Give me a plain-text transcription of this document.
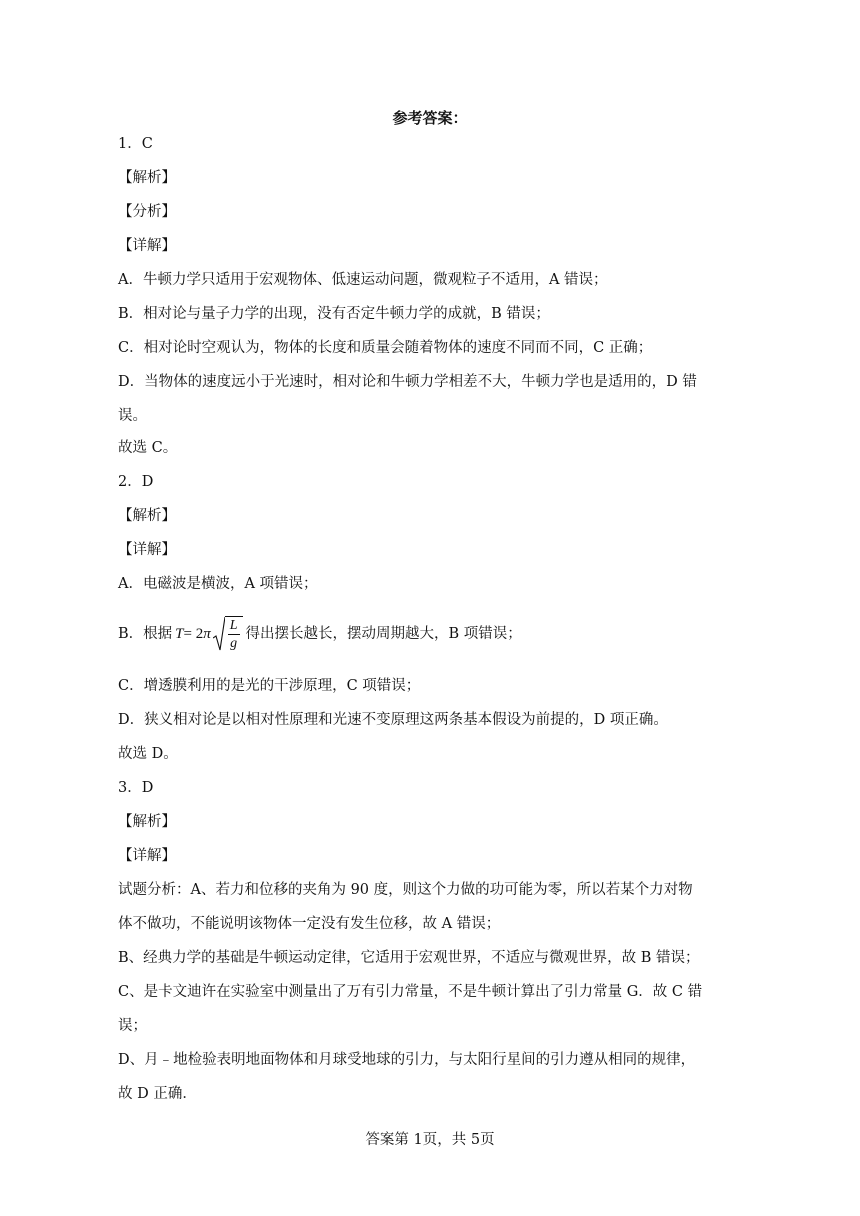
参考答案：
1．C
【解析】
【分析】
【详解】
A．牛顿力学只适用于宏观物体、低速运动问题，微观粒子不适用，A 错误；
B．相对论与量子力学的出现，没有否定牛顿力学的成就，B 错误；
C．相对论时空观认为，物体的长度和质量会随着物体的速度不同而不同，C 正确；
D．当物体的速度远小于光速时，相对论和牛顿力学相差不大，牛顿力学也是适用的，D 错
误。
故选 C。
2．D
【解析】
【详解】
A．电磁波是横波，A 项错误；
B．根据 T = 2 π $\frac{L}{g}$ 得出摆长越长，摆动周期越大，B 项错误；
C．增透膜利用的是光的干涉原理，C 项错误；
D．狭义相对论是以相对性原理和光速不变原理这两条基本假设为前提的，D 项正确。
故选 D。
3．D
【解析】
【详解】
试题分析：A、若力和位移的夹角为 90 度，则这个力做的功可能为零，所以若某个力对物
体不做功，不能说明该物体一定没有发生位移，故 A 错误；
B、经典力学的基础是牛顿运动定律，它适用于宏观世界，不适应与微观世界，故 B 错误；
C、是卡文迪许在实验室中测量出了万有引力常量，不是牛顿计算出了引力常量 G．故 C 错
误；
D、月﹣地检验表明地面物体和月球受地球的引力，与太阳行星间的引力遵从相同的规律，
故 D 正确．
答案第 1页，共 5页
